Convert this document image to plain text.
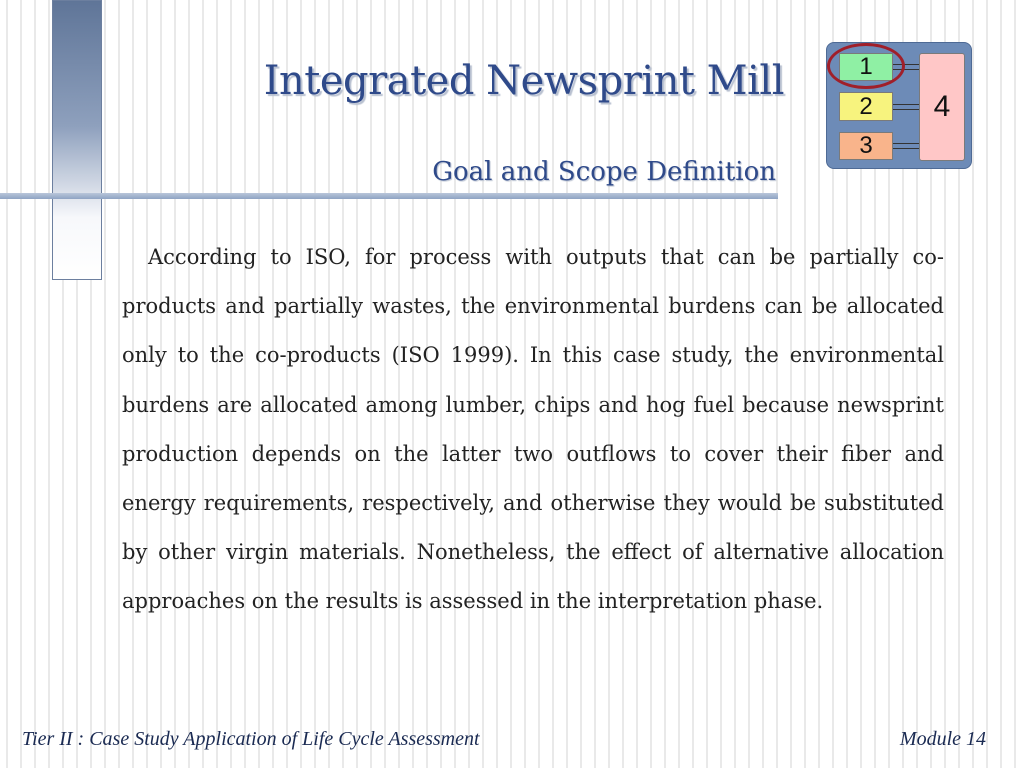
Integrated Newsprint Mill
Goal and Scope Definition
1
2
3
4

According to ISO, for process with outputs that can be partially co-products and partially wastes, the environmental burdens can be allocated only to the co-products (ISO 1999). In this case study, the environmental burdens are allocated among lumber, chips and hog fuel because newsprint production depends on the latter two outflows to cover their fiber and energy requirements, respectively, and otherwise they would be substituted by other virgin materials. Nonetheless, the effect of alternative allocation approaches on the results is assessed in the interpretation phase.

Tier II : Case Study Application of Life Cycle Assessment	Module 14
